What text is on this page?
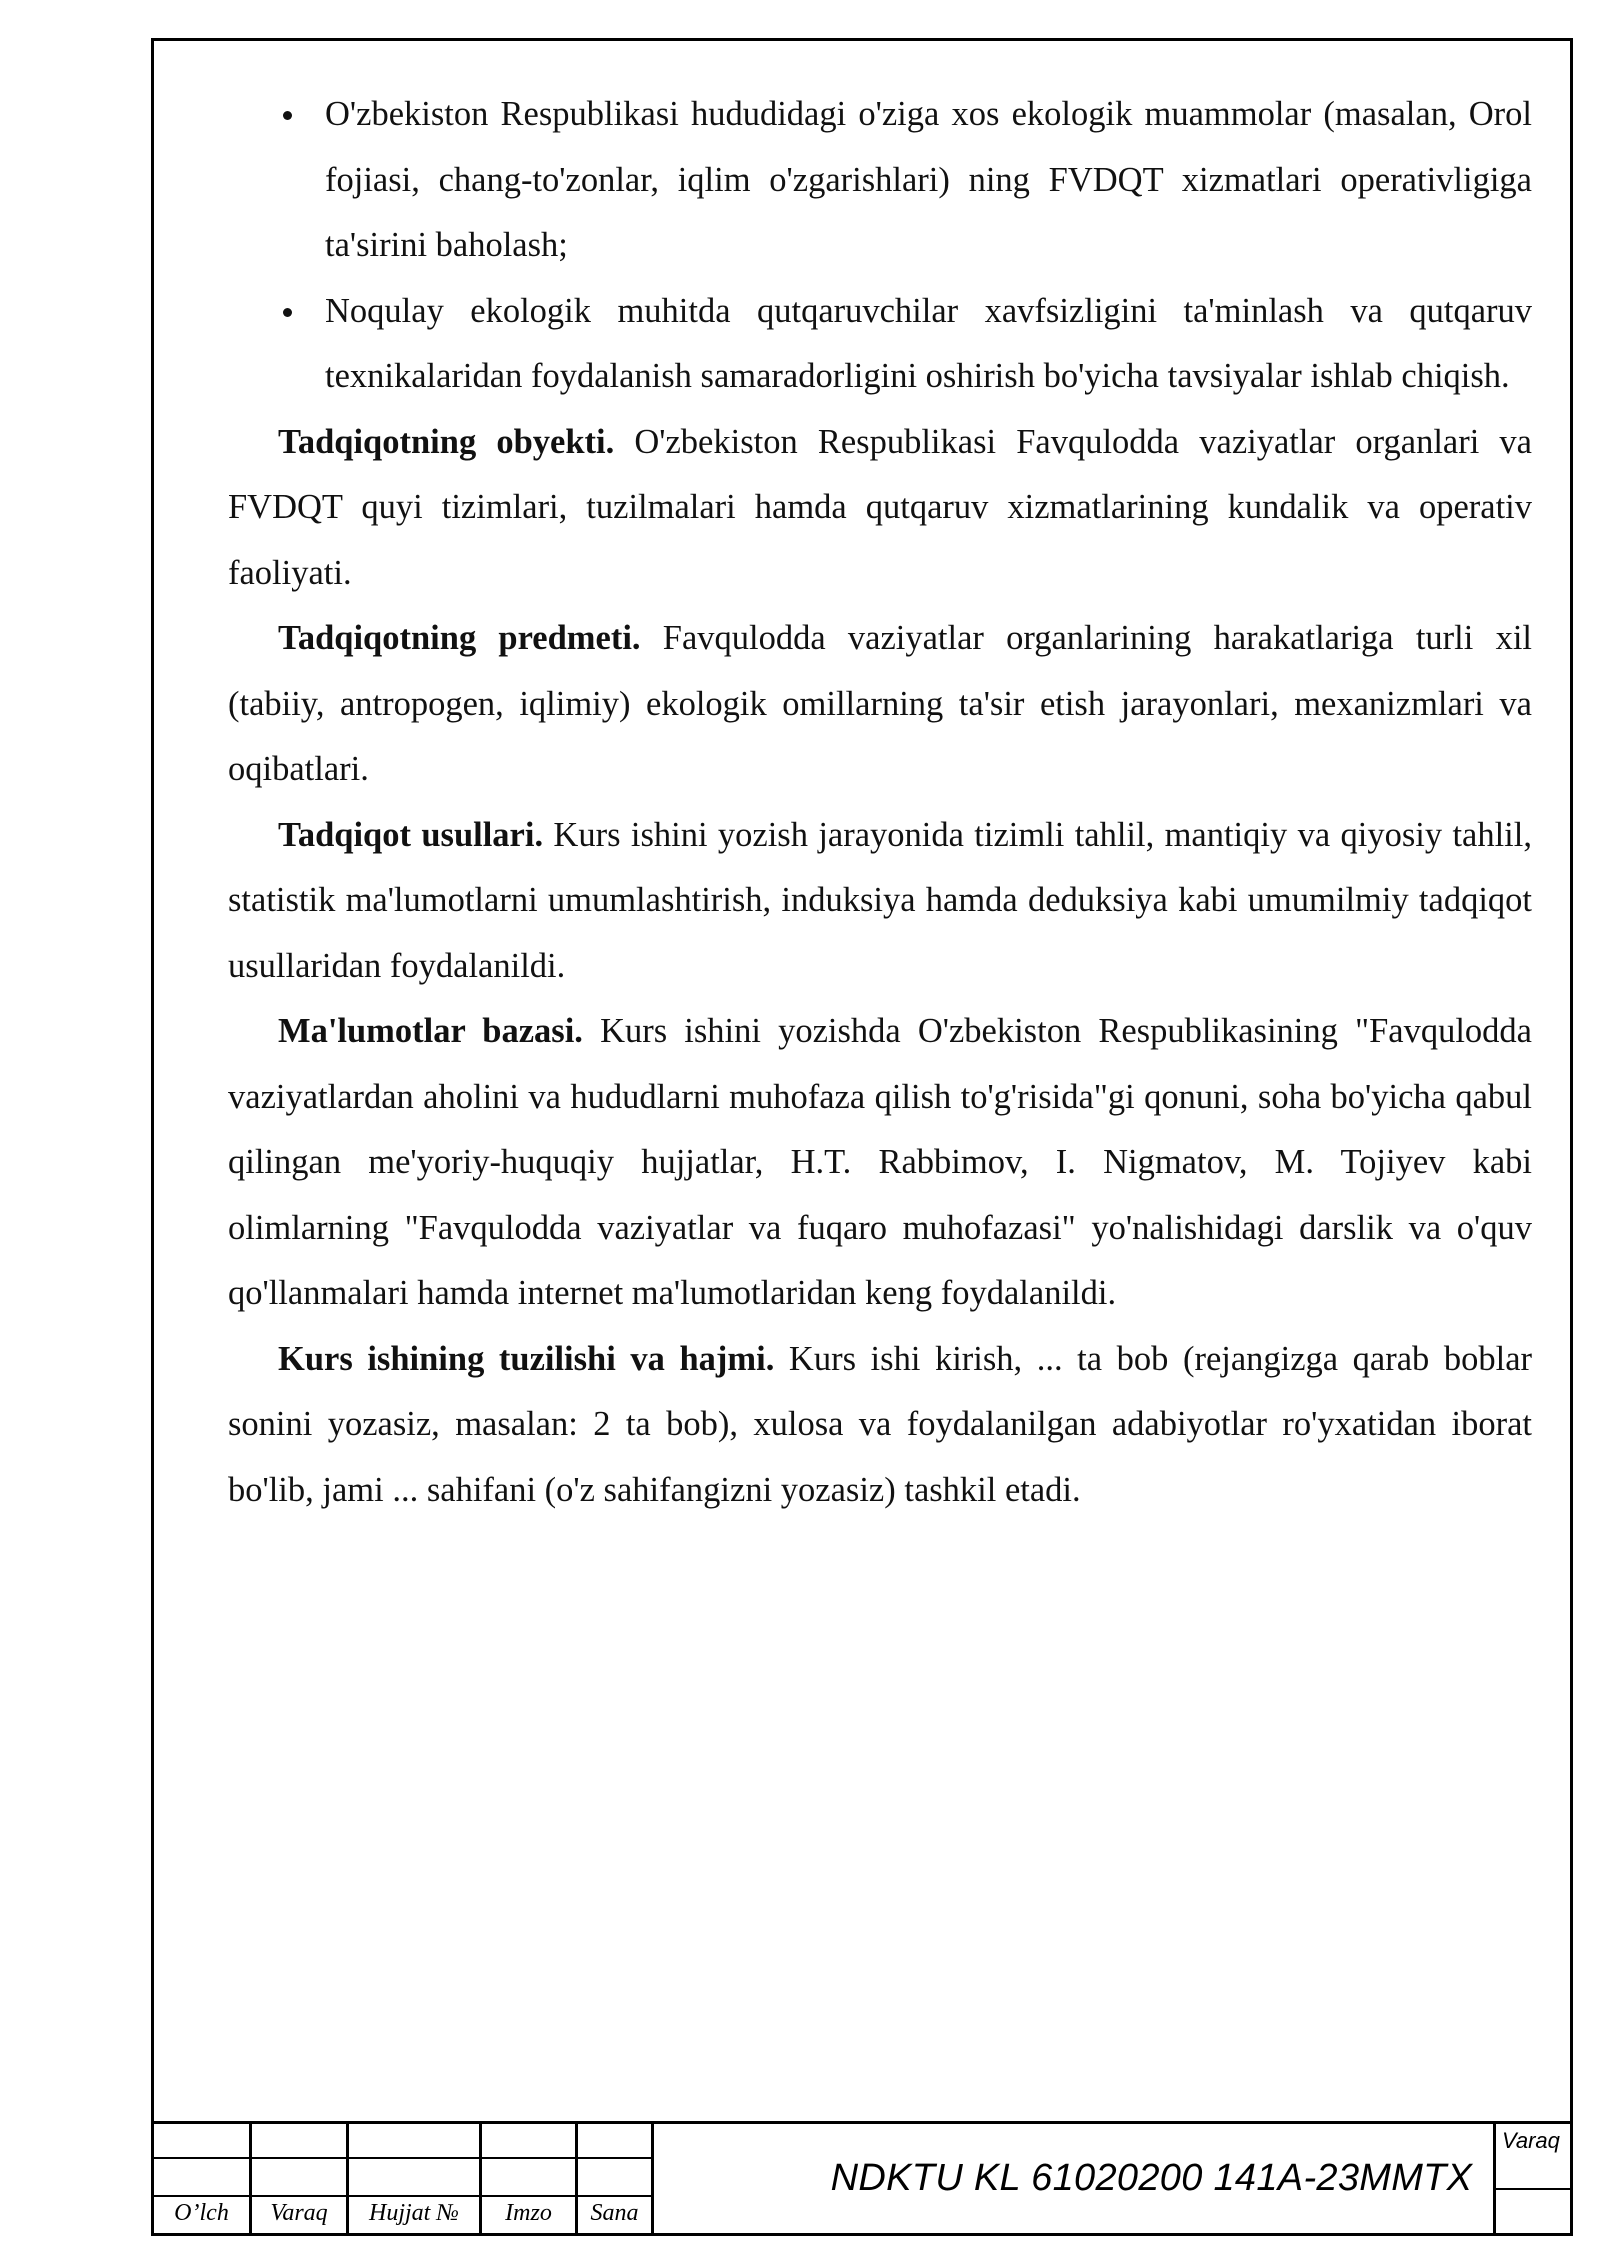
O'zbekiston Respublikasi hududidagi o'ziga xos ekologik muammolar (masalan, Orol fojiasi, chang-to'zonlar, iqlim o'zgarishlari) ning FVDQT xizmatlari operativligiga ta'sirini baholash;
Noqulay ekologik muhitda qutqaruvchilar xavfsizligini ta'minlash va qutqaruv texnikalaridan foydalanish samaradorligini oshirish bo'yicha tavsiyalar ishlab chiqish.

Tadqiqotning obyekti. O'zbekiston Respublikasi Favqulodda vaziyatlar organlari va FVDQT quyi tizimlari, tuzilmalari hamda qutqaruv xizmatlarining kundalik va operativ faoliyati.

Tadqiqotning predmeti. Favqulodda vaziyatlar organlarining harakatlariga turli xil (tabiiy, antropogen, iqlimiy) ekologik omillarning ta'sir etish jarayonlari, mexanizmlari va oqibatlari.

Tadqiqot usullari. Kurs ishini yozish jarayonida tizimli tahlil, mantiqiy va qiyosiy tahlil, statistik ma'lumotlarni umumlashtirish, induksiya hamda deduksiya kabi umumilmiy tadqiqot usullaridan foydalanildi.

Ma'lumotlar bazasi. Kurs ishini yozishda O'zbekiston Respublikasining "Favqulodda vaziyatlardan aholini va hududlarni muhofaza qilish to'g'risida"gi qonuni, soha bo'yicha qabul qilingan me'yoriy-huquqiy hujjatlar, H.T. Rabbimov, I. Nigmatov, M. Tojiyev kabi olimlarning "Favqulodda vaziyatlar va fuqaro muhofazasi" yo'nalishidagi darslik va o'quv qo'llanmalari hamda internet ma'lumotlaridan keng foydalanildi.

Kurs ishining tuzilishi va hajmi. Kurs ishi kirish, ... ta bob (rejangizga qarab boblar sonini yozasiz, masalan: 2 ta bob), xulosa va foydalanilgan adabiyotlar ro'yxatidan iborat bo'lib, jami ... sahifani (o'z sahifangizni yozasiz) tashkil etadi.

O’lch	Varaq	Hujjat №	Imzo	Sana
NDKTU KL 61020200 141A-23MMTX
Varaq
